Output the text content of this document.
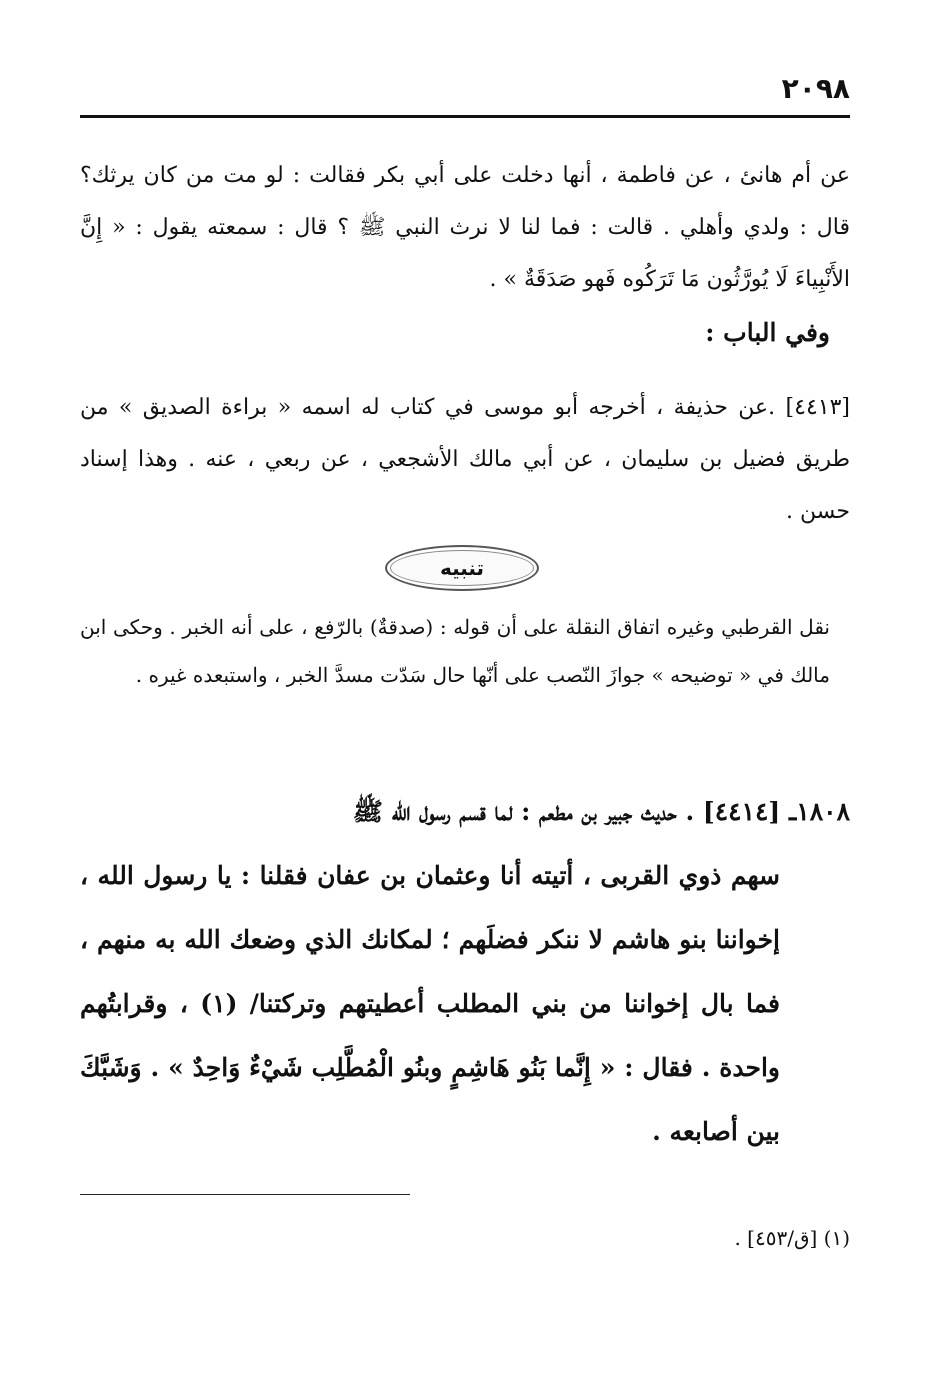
٢٠٩٨
عن أم هانئ ، عن فاطمة ، أنها دخلت على أبي بكر فقالت : لو مت من كان يرثك؟ قال : ولدي وأهلي . قالت : فما لنا لا نرث النبي ﷺ ؟ قال : سمعته يقول : « إِنَّ الأَنْبِياءَ لَا يُورَّثُون مَا تَرَكُوه فَهو صَدَقَةٌ » .
وفي الباب :
[٤٤١٣] .عن حذيفة ، أخرجه أبو موسى في كتاب له اسمه « براءة الصديق » من طريق فضيل بن سليمان ، عن أبي مالك الأشجعي ، عن ربعي ، عنه . وهذا إسناد حسن .
تنبيه
نقل القرطبي وغيره اتفاق النقلة على أن قوله : (صدقةٌ) بالرّفع ، على أنه الخبر . وحكى ابن مالك في « توضيحه » جوازَ النّصب على أنّها حال سَدّت مسدَّ الخبر ، واستبعده غيره .
١٨٠٨ـ [٤٤١٤] . حديث جبير بن مطعم : لما قسم رسول الله ﷺ
سهم ذوي القربى ، أتيته أنا وعثمان بن عفان فقلنا : يا رسول الله ، إخواننا بنو هاشم لا ننكر فضلَهم ؛ لمكانك الذي وضعك الله به منهم ، فما بال إخواننا من بني المطلب أعطيتهم وتركتنا/ (١) ، وقرابتُهم واحدة . فقال : « إِنَّما بَنُو هَاشِمٍ وبنُو الْمُطَّلِب شَيْءٌ وَاحِدٌ » . وَشَبَّكَ بين أصابعه .
(١) [ق/٤٥٣] .
